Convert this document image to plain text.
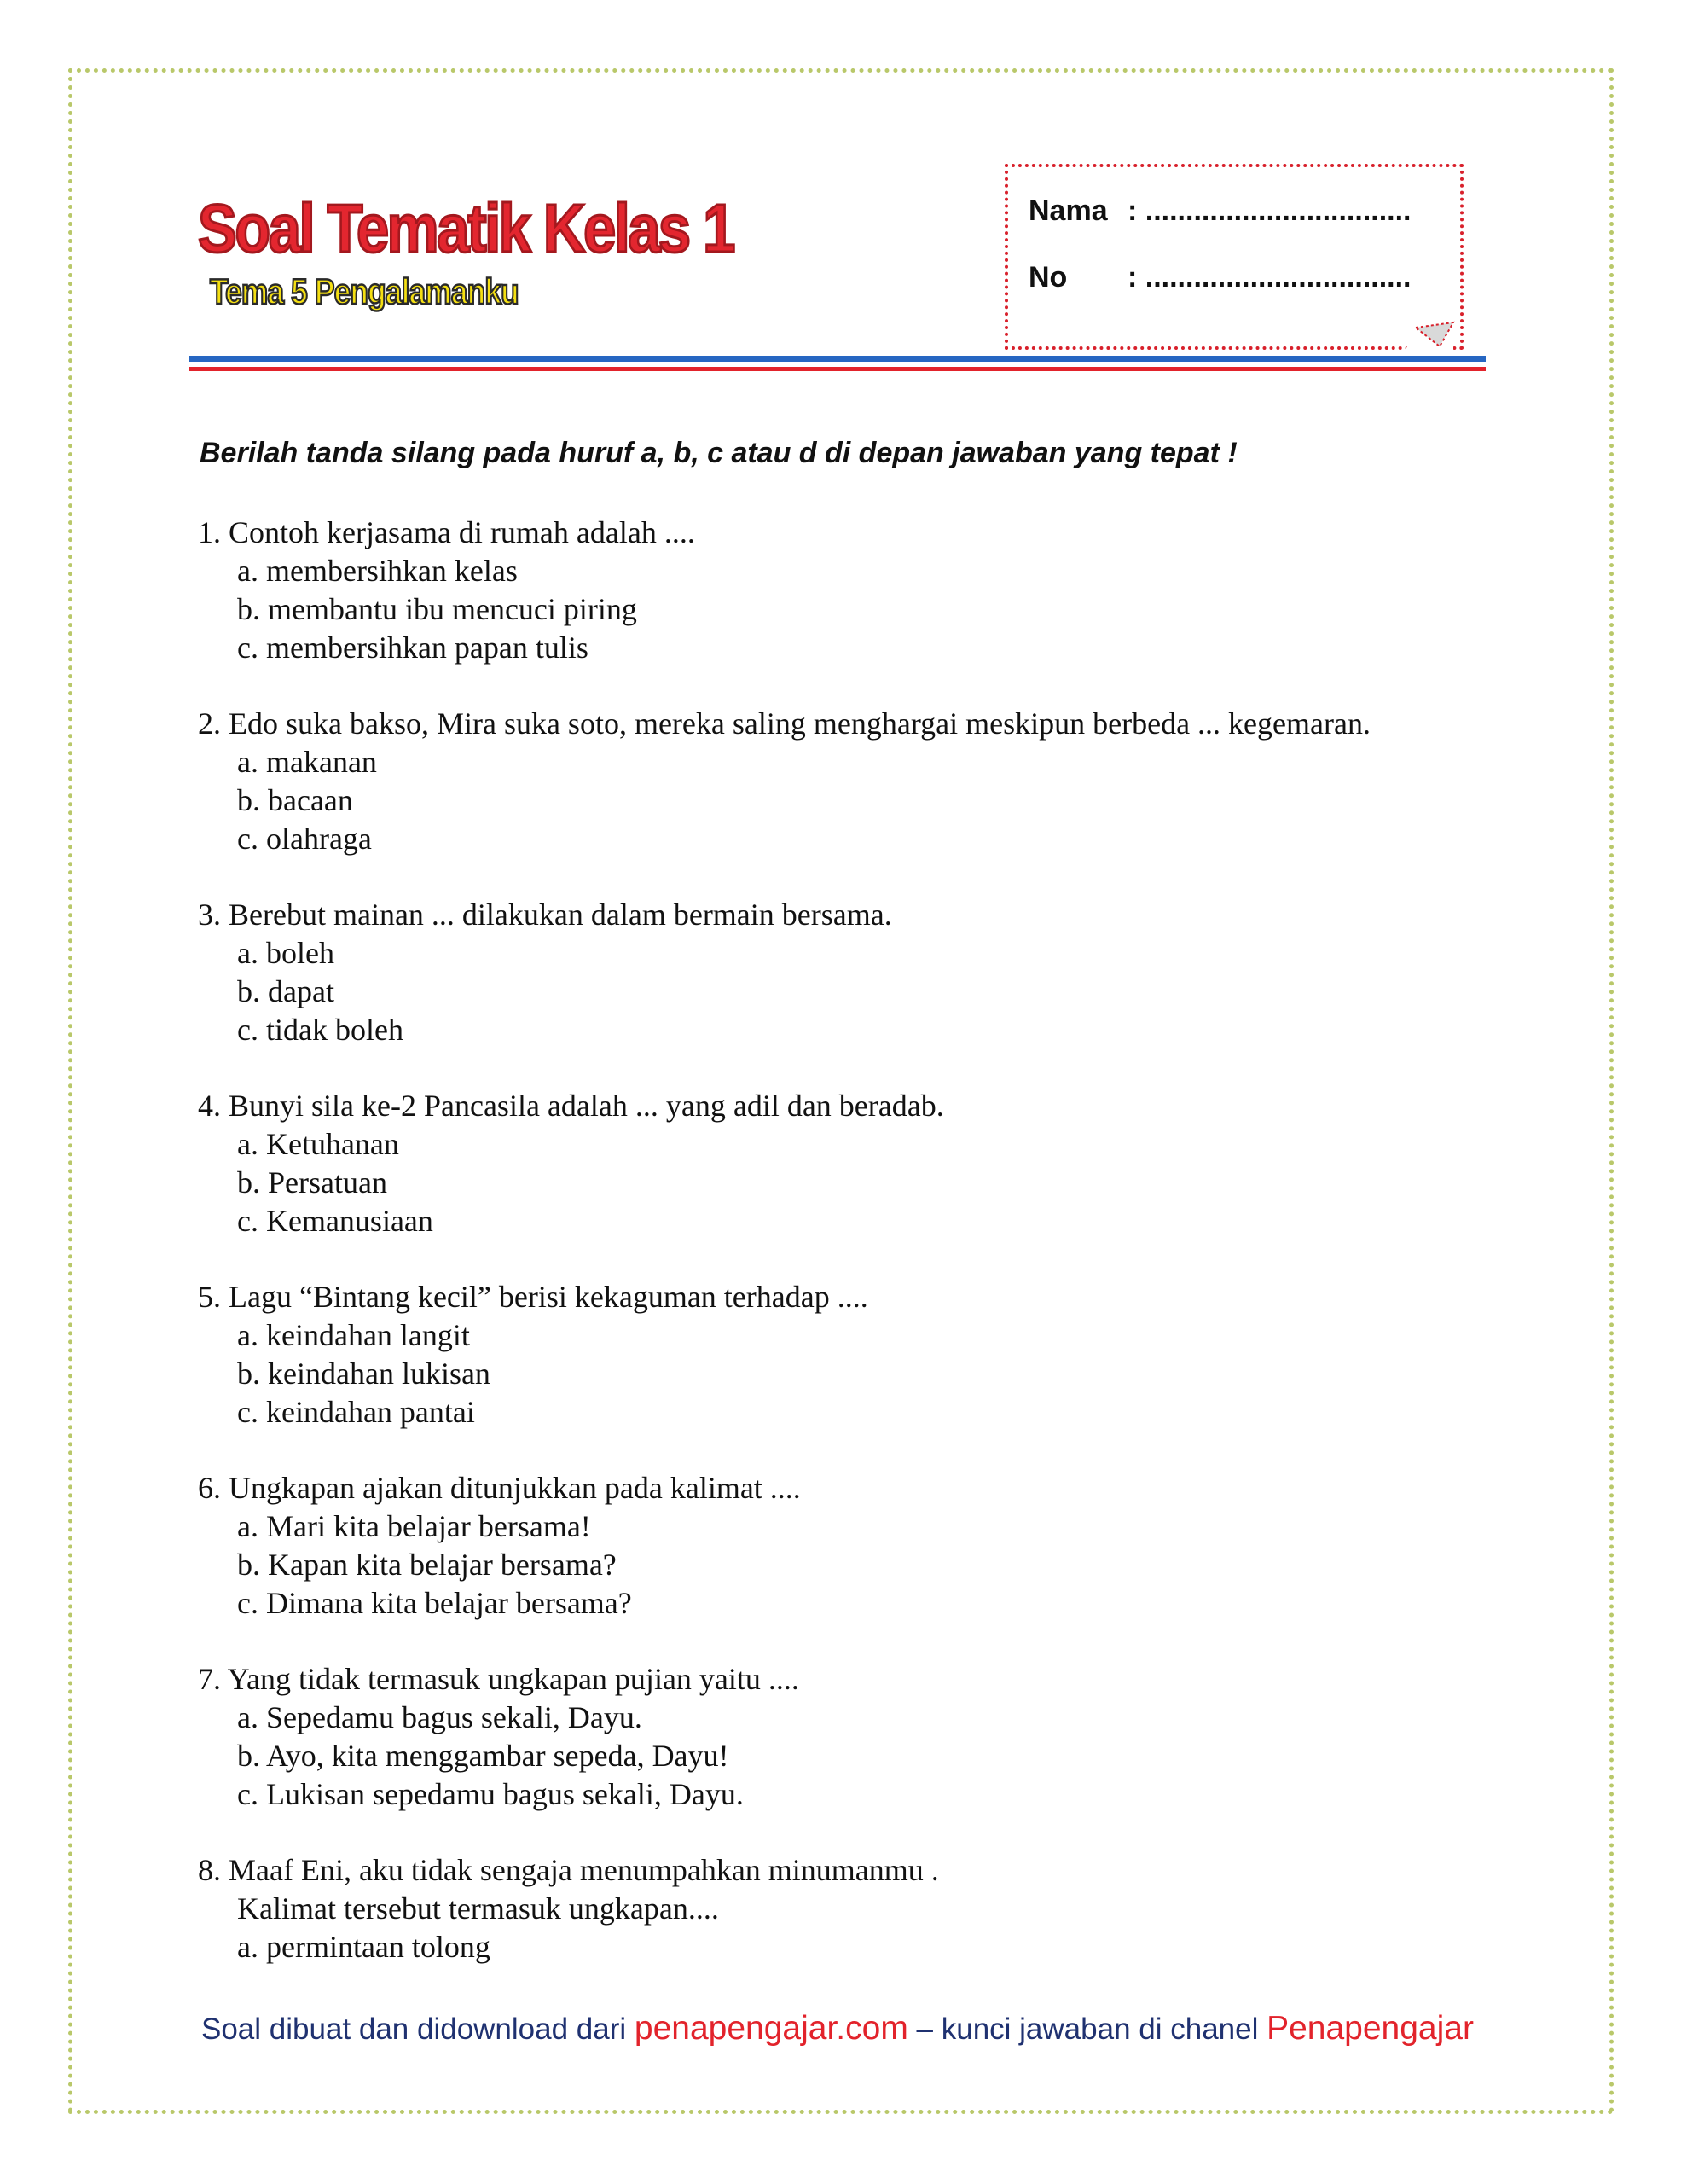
Soal Tematik Kelas 1
Tema 5 Pengalamanku
Nama : .................................
No : .................................
Berilah tanda silang pada huruf a, b, c atau d di depan jawaban yang tepat !
1. Contoh kerjasama di rumah adalah ....
a. membersihkan kelas
b. membantu ibu mencuci piring
c. membersihkan papan tulis
2. Edo suka bakso, Mira suka soto, mereka saling menghargai meskipun berbeda ... kegemaran.
a. makanan
b. bacaan
c. olahraga
3. Berebut mainan ... dilakukan dalam bermain bersama.
a. boleh
b. dapat
c. tidak boleh
4. Bunyi sila ke-2 Pancasila adalah ... yang adil dan beradab.
a. Ketuhanan
b. Persatuan
c. Kemanusiaan
5. Lagu “Bintang kecil” berisi kekaguman terhadap ....
a. keindahan langit
b. keindahan lukisan
c. keindahan pantai
6. Ungkapan ajakan ditunjukkan pada kalimat ....
a. Mari kita belajar bersama!
b. Kapan kita belajar bersama?
c. Dimana kita belajar bersama?
7. Yang tidak termasuk ungkapan pujian yaitu ....
a. Sepedamu bagus sekali, Dayu.
b. Ayo, kita menggambar sepeda, Dayu!
c. Lukisan sepedamu bagus sekali, Dayu.
8. Maaf Eni, aku tidak sengaja menumpahkan minumanmu .
Kalimat tersebut termasuk ungkapan....
a. permintaan tolong
Soal dibuat dan didownload dari penapengajar.com – kunci jawaban di chanel Penapengajar
